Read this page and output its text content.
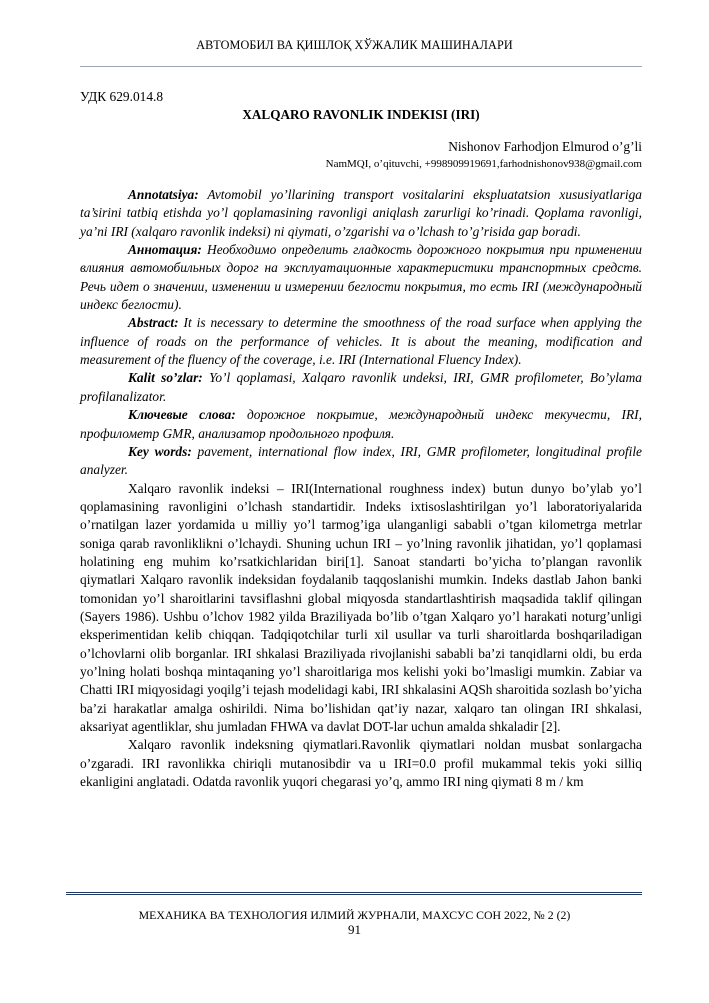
АВТОМОБИЛ ВА ҚИШЛОҚ ХЎЖАЛИК МАШИНАЛАРИ

УДК 629.014.8

XALQARO RAVONLIK INDEKISI (IRI)

Nishonov Farhodjon Elmurod o’g’li

NamMQI, o’qituvchi, +998909919691,farhodnishonov938@gmail.com

Annotatsiya: Avtomobil yo’llarining transport vositalarini ekspluatatsion xususiyatlariga ta’sirini tatbiq etishda yo’l qoplamasining ravonligi aniqlash zarurligi ko’rinadi. Qoplama ravonligi, ya’ni IRI (xalqaro ravonlik indeksi) ni qiymati, o’zgarishi va o’lchash to’g’risida gap boradi.

Аннотация: Необходимо определить гладкость дорожного покрытия при применении влияния автомобильных дорог на эксплуатационные характеристики транспортных средств. Речь идет о значении, изменении и измерении беглости покрытия, то есть IRI (международный индекс беглости).

Abstract: It is necessary to determine the smoothness of the road surface when applying the influence of roads on the performance of vehicles. It is about the meaning, modification and measurement of the fluency of the coverage, i.e. IRI (International Fluency Index).

Kalit so’zlar: Yo’l qoplamasi, Xalqaro ravonlik undeksi, IRI, GMR profilometer, Bo’ylama profilanalizator.

Ключевые слова: дорожное покрытие, международный индекс текучести, IRI, профилометр GMR, анализатор продольного профиля.

Key words: pavement, international flow index, IRI, GMR profilometer, longitudinal profile analyzer.

Xalqaro ravonlik indeksi – IRI(International roughness index) butun dunyo bo’ylab yo’l qoplamasining ravonligini o’lchash standartidir. Indeks ixtisoslashtirilgan yo’l laboratoriyalarida o’rnatilgan lazer yordamida u milliy yo’l tarmog’iga ulanganligi sababli o’tgan kilometrga metrlar soniga qarab ravonliklikni o’lchaydi. Shuning uchun IRI – yo’lning ravonlik jihatidan, yo’l qoplamasi holatining eng muhim ko’rsatkichlaridan biri[1]. Sanoat standarti bo’yicha to’plangan ravonlik qiymatlari Xalqaro ravonlik indeksidan foydalanib taqqoslanishi mumkin. Indeks dastlab Jahon banki tomonidan yo’l sharoitlarini tavsiflashni global miqyosda standartlashtirish maqsadida taklif qilingan (Sayers 1986). Ushbu o’lchov 1982 yilda Braziliyada bo’lib o’tgan Xalqaro yo’l harakati noturg’unligi eksperimentidan kelib chiqqan. Tadqiqotchilar turli xil usullar va turli sharoitlarda boshqariladigan o’lchovlarni olib borganlar. IRI shkalasi Braziliyada rivojlanishi sababli ba’zi tanqidlarni oldi, bu erda yo’lning holati boshqa mintaqaning yo’l sharoitlariga mos kelishi yoki bo’lmasligi mumkin. Zabiar va Chatti IRI miqyosidagi yoqilg’i tejash modelidagi kabi, IRI shkalasini AQSh sharoitida sozlash bo’yicha ba’zi harakatlar amalga oshirildi. Nima bo’lishidan qat’iy nazar, xalqaro tan olingan IRI shkalasi, aksariyat agentliklar, shu jumladan FHWA va davlat DOT-lar uchun amalda shkaladir [2].

Xalqaro ravonlik indeksning qiymatlari.Ravonlik qiymatlari noldan musbat sonlargacha o’zgaradi. IRI ravonlikka chiriqli mutanosibdir va u IRI=0.0 profil mukammal tekis yoki silliq ekanligini anglatadi. Odatda ravonlik yuqori chegarasi yo’q, ammo IRI ning qiymati 8 m / km

МЕХАНИКА ВА ТЕХНОЛОГИЯ ИЛМИЙ ЖУРНАЛИ, МАХСУС СОН 2022, № 2 (2)
91
